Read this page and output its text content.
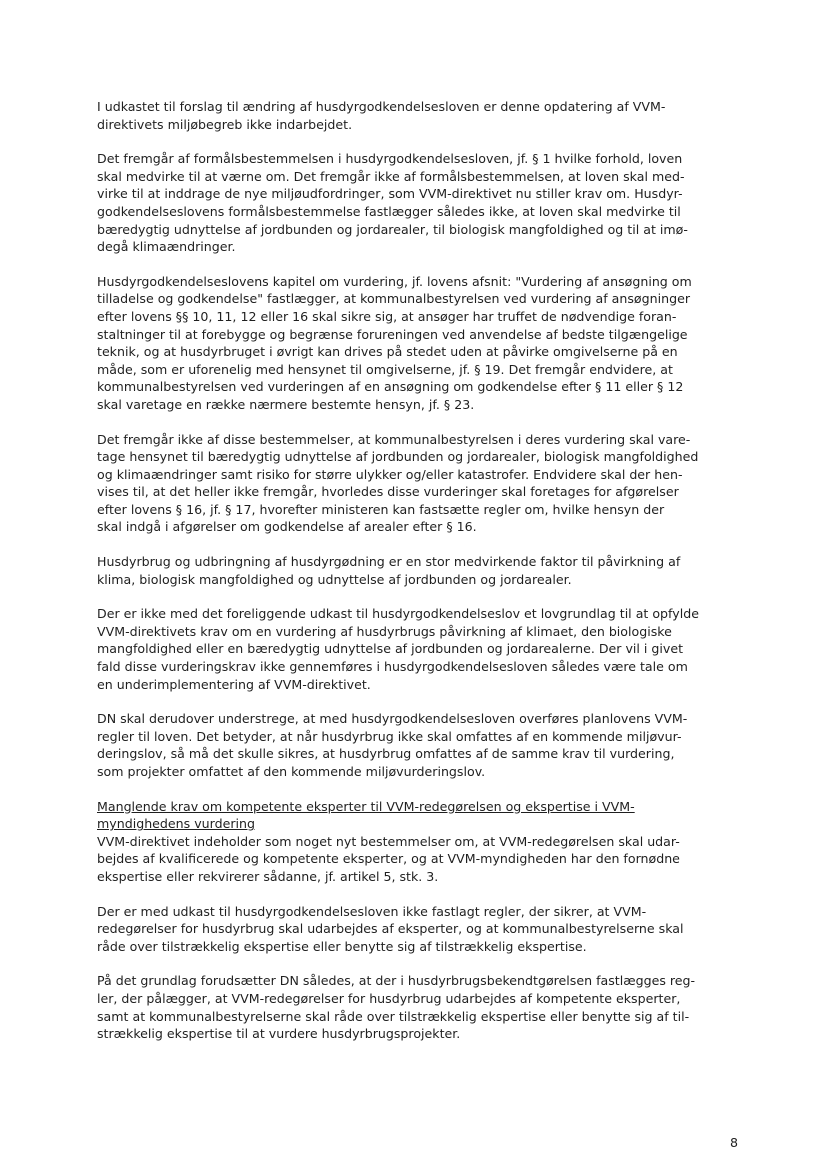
I udkastet til forslag til ændring af husdyrgodkendelsesloven er denne opdatering af VVM-
direktivets miljøbegreb ikke indarbejdet.

Det fremgår af formålsbestemmelsen i husdyrgodkendelsesloven, jf. § 1 hvilke forhold, loven
skal medvirke til at værne om. Det fremgår ikke af formålsbestemmelsen, at loven skal med-
virke til at inddrage de nye miljøudfordringer, som VVM-direktivet nu stiller krav om. Husdyr-
godkendelseslovens formålsbestemmelse fastlægger således ikke, at loven skal medvirke til
bæredygtig udnyttelse af jordbunden og jordarealer, til biologisk mangfoldighed og til at imø-
degå klimaændringer.

Husdyrgodkendelseslovens kapitel om vurdering, jf. lovens afsnit: "Vurdering af ansøgning om
tilladelse og godkendelse" fastlægger, at kommunalbestyrelsen ved vurdering af ansøgninger
efter lovens §§ 10, 11, 12 eller 16 skal sikre sig, at ansøger har truffet de nødvendige foran-
staltninger til at forebygge og begrænse forureningen ved anvendelse af bedste tilgængelige
teknik, og at husdyrbruget i øvrigt kan drives på stedet uden at påvirke omgivelserne på en
måde, som er uforenelig med hensynet til omgivelserne, jf. § 19. Det fremgår endvidere, at
kommunalbestyrelsen ved vurderingen af en ansøgning om godkendelse efter § 11 eller § 12
skal varetage en række nærmere bestemte hensyn, jf. § 23.

Det fremgår ikke af disse bestemmelser, at kommunalbestyrelsen i deres vurdering skal vare-
tage hensynet til bæredygtig udnyttelse af jordbunden og jordarealer, biologisk mangfoldighed
og klimaændringer samt risiko for større ulykker og/eller katastrofer. Endvidere skal der hen-
vises til, at det heller ikke fremgår, hvorledes disse vurderinger skal foretages for afgørelser
efter lovens § 16, jf. § 17, hvorefter ministeren kan fastsætte regler om, hvilke hensyn der
skal indgå i afgørelser om godkendelse af arealer efter § 16.

Husdyrbrug og udbringning af husdyrgødning er en stor medvirkende faktor til påvirkning af
klima, biologisk mangfoldighed og udnyttelse af jordbunden og jordarealer.

Der er ikke med det foreliggende udkast til husdyrgodkendelseslov et lovgrundlag til at opfylde
VVM-direktivets krav om en vurdering af husdyrbrugs påvirkning af klimaet, den biologiske
mangfoldighed eller en bæredygtig udnyttelse af jordbunden og jordarealerne. Der vil i givet
fald disse vurderingskrav ikke gennemføres i husdyrgodkendelsesloven således være tale om
en underimplementering af VVM-direktivet.

DN skal derudover understrege, at med husdyrgodkendelsesloven overføres planlovens VVM-
regler til loven. Det betyder, at når husdyrbrug ikke skal omfattes af en kommende miljøvur-
deringslov, så må det skulle sikres, at husdyrbrug omfattes af de samme krav til vurdering,
som projekter omfattet af den kommende miljøvurderingslov.

Manglende krav om kompetente eksperter til VVM-redegørelsen og ekspertise i VVM-
myndighedens vurdering
VVM-direktivet indeholder som noget nyt bestemmelser om, at VVM-redegørelsen skal udar-
bejdes af kvalificerede og kompetente eksperter, og at VVM-myndigheden har den fornødne
ekspertise eller rekvirerer sådanne, jf. artikel 5, stk. 3.

Der er med udkast til husdyrgodkendelsesloven ikke fastlagt regler, der sikrer, at VVM-
redegørelser for husdyrbrug skal udarbejdes af eksperter, og at kommunalbestyrelserne skal
råde over tilstrækkelig ekspertise eller benytte sig af tilstrækkelig ekspertise.

På det grundlag forudsætter DN således, at der i husdyrbrugsbekendtgørelsen fastlægges reg-
ler, der pålægger, at VVM-redegørelser for husdyrbrug udarbejdes af kompetente eksperter,
samt at kommunalbestyrelserne skal råde over tilstrækkelig ekspertise eller benytte sig af til-
strækkelig ekspertise til at vurdere husdyrbrugsprojekter.

8
